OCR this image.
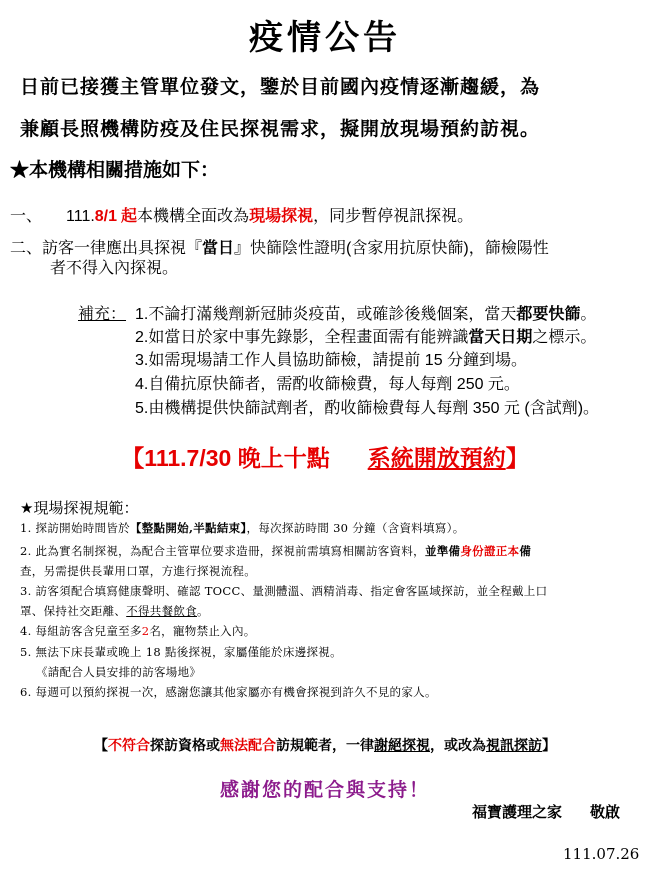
疫情公告
日前已接獲主管單位發文，鑒於目前國內疫情逐漸趨緩，為
兼顧長照機構防疫及住民探視需求，擬開放現場預約訪視。
★本機構相關措施如下：
一、 111.8/1 起本機構全面改為現場探視，同步暫停視訊探視。
二、訪客一律應出具探視『當日』快篩陰性證明(含家用抗原快篩)，篩檢陽性
者不得入內探視。
補充： 1.不論打滿幾劑新冠肺炎疫苗，或確診後幾個案，當天都要快篩。
2.如當日於家中事先錄影，全程畫面需有能辨識當天日期之標示。
3.如需現場請工作人員協助篩檢，請提前 15 分鐘到場。
4.自備抗原快篩者，需酌收篩檢費，每人每劑 250 元。
5.由機構提供快篩試劑者，酌收篩檢費每人每劑 350 元 (含試劑)。
【111.7/30 晚上十點 系統開放預約】
★現場探視規範：
1. 探訪開始時間皆於【整點開始,半點結束】，每次探訪時間 30 分鐘（含資料填寫）。
2. 此為實名制探視，為配合主管單位要求造冊，探視前需填寫相關訪客資料，並準備身份證正本備
查，另需提供長輩用口罩，方進行探視流程。
3. 訪客須配合填寫健康聲明、確認 TOCC、量測體溫、酒精消毒、指定會客區域探訪，並全程戴上口
罩、保持社交距離、不得共餐飲食。
4. 每組訪客含兒童至多2名，寵物禁止入內。
5. 無法下床長輩或晚上 18 點後探視，家屬僅能於床邊探視。
《請配合人員安排的訪客場地》
6. 每週可以預約探視一次，感謝您讓其他家屬亦有機會探視到許久不見的家人。
【不符合探訪資格或無法配合訪規範者，一律謝絕探視，或改為視訊探訪】
感謝您的配合與支持！
福寶護理之家 敬啟
111.07.26
